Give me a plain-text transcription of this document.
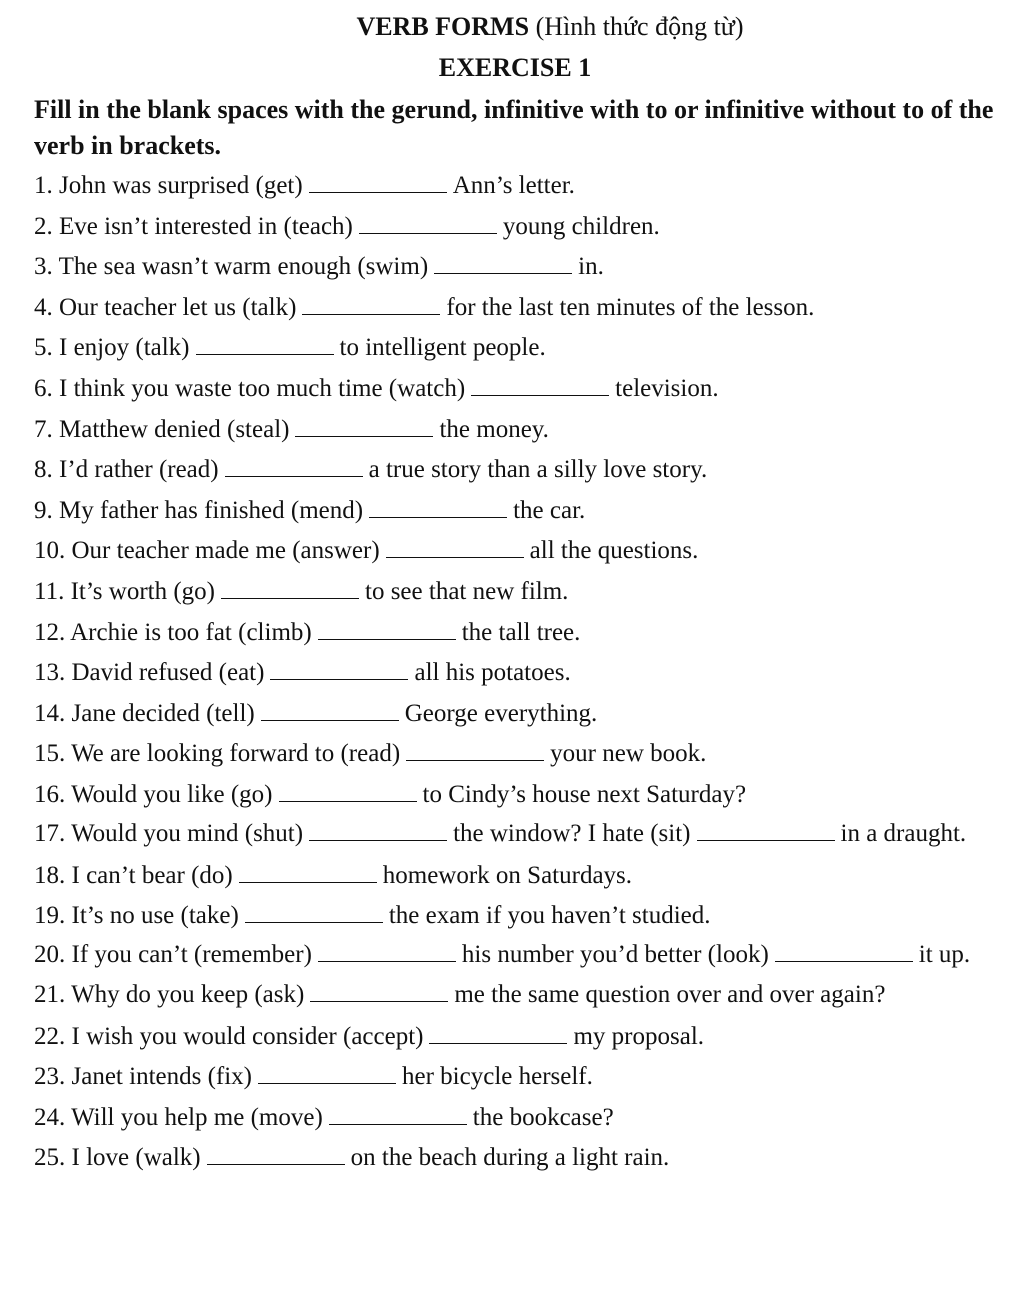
VERB FORMS (Hình thức động từ)

EXERCISE 1

Fill in the blank spaces with the gerund, infinitive with to or infinitive without to of the verb in brackets.

1. John was surprised (get)	Ann’s letter.

2. Eve isn’t interested in (teach)	young children.

3. The sea wasn’t warm enough (swim)	in.

4. Our teacher let us (talk)	for the last ten minutes of the lesson.

5. I enjoy (talk)	to intelligent people.

6. I think you waste too much time (watch)	television.

7. Matthew denied (steal)	the money.

8. I’d rather (read)	a true story than a silly love story.

9. My father has finished (mend)	the car.

10. Our teacher made me (answer)	all the questions.

11. It’s worth (go)	to see that new film.

12. Archie is too fat (climb)	the tall tree.

13. David refused (eat)	all his potatoes.

14. Jane decided (tell)	George everything.

15. We are looking forward to (read)	your new book.

16. Would you like (go)	to Cindy’s house next Saturday?

17. Would you mind (shut)	the window? I hate (sit)	in a draught.

18. I can’t bear (do)	homework on Saturdays.

19. It’s no use (take)	the exam if you haven’t studied.

20. If you can’t (remember)	his number you’d better (look)	it up.

21. Why do you keep (ask)	me the same question over and over again?

22. I wish you would consider (accept)	my proposal.

23. Janet intends (fix)	her bicycle herself.

24. Will you help me (move)	the bookcase?

25. I love (walk)	on the beach during a light rain.
